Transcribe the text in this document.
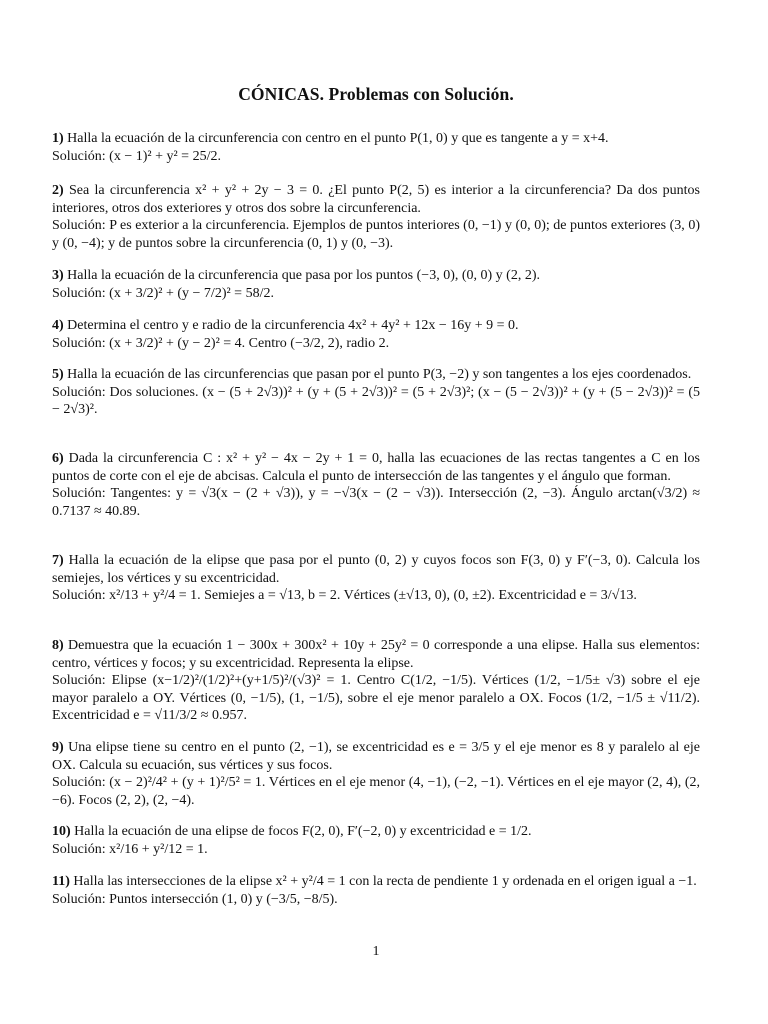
CÓNICAS. Problemas con Solución.

1) Halla la ecuación de la circunferencia con centro en el punto P(1, 0) y que es tangente a y = x+4.

Solución: (x − 1)² + y² = 25/2.

2) Sea la circunferencia x² + y² + 2y − 3 = 0. ¿El punto P(2, 5) es interior a la circunferencia? Da dos puntos interiores, otros dos exteriores y otros dos sobre la circunferencia.

Solución: P es exterior a la circunferencia. Ejemplos de puntos interiores (0, −1) y (0, 0); de puntos exteriores (3, 0) y (0, −4); y de puntos sobre la circunferencia (0, 1) y (0, −3).

3) Halla la ecuación de la circunferencia que pasa por los puntos (−3, 0), (0, 0) y (2, 2).

Solución: (x + 3/2)² + (y − 7/2)² = 58/2.

4) Determina el centro y e radio de la circunferencia 4x² + 4y² + 12x − 16y + 9 = 0.

Solución: (x + 3/2)² + (y − 2)² = 4. Centro (−3/2, 2), radio 2.

5) Halla la ecuación de las circunferencias que pasan por el punto P(3, −2) y son tangentes a los ejes coordenados.

Solución: Dos soluciones. (x − (5 + 2√3))² + (y + (5 + 2√3))² = (5 + 2√3)²; (x − (5 − 2√3))² + (y + (5 − 2√3))² = (5 − 2√3)².

6) Dada la circunferencia C : x² + y² − 4x − 2y + 1 = 0, halla las ecuaciones de las rectas tangentes a C en los puntos de corte con el eje de abcisas. Calcula el punto de intersección de las tangentes y el ángulo que forman.

Solución: Tangentes: y = √3(x − (2 + √3)), y = −√3(x − (2 − √3)). Intersección (2, −3). Ángulo arctan(√3/2) ≈ 0.7137 ≈ 40.89.

7) Halla la ecuación de la elipse que pasa por el punto (0, 2) y cuyos focos son F(3, 0) y F′(−3, 0). Calcula los semiejes, los vértices y su excentricidad.

Solución: x²/13 + y²/4 = 1. Semiejes a = √13, b = 2. Vértices (±√13, 0), (0, ±2). Excentricidad e = 3/√13.

8) Demuestra que la ecuación 1 − 300x + 300x² + 10y + 25y² = 0 corresponde a una elipse. Halla sus elementos: centro, vértices y focos; y su excentricidad. Representa la elipse.

Solución: Elipse (x−1/2)²/(1/2)²+(y+1/5)²/(√3)² = 1. Centro C(1/2, −1/5). Vértices (1/2, −1/5± √3) sobre el eje mayor paralelo a OY. Vértices (0, −1/5), (1, −1/5), sobre el eje menor paralelo a OX. Focos (1/2, −1/5 ± √11/2). Excentricidad e = √11/3/2 ≈ 0.957.

9) Una elipse tiene su centro en el punto (2, −1), se excentricidad es e = 3/5 y el eje menor es 8 y paralelo al eje OX. Calcula su ecuación, sus vértices y sus focos.

Solución: (x − 2)²/4² + (y + 1)²/5² = 1. Vértices en el eje menor (4, −1), (−2, −1). Vértices en el eje mayor (2, 4), (2, −6). Focos (2, 2), (2, −4).

10) Halla la ecuación de una elipse de focos F(2, 0), F′(−2, 0) y excentricidad e = 1/2.

Solución: x²/16 + y²/12 = 1.

11) Halla las intersecciones de la elipse x² + y²/4 = 1 con la recta de pendiente 1 y ordenada en el origen igual a −1.

Solución: Puntos intersección (1, 0) y (−3/5, −8/5).

1
